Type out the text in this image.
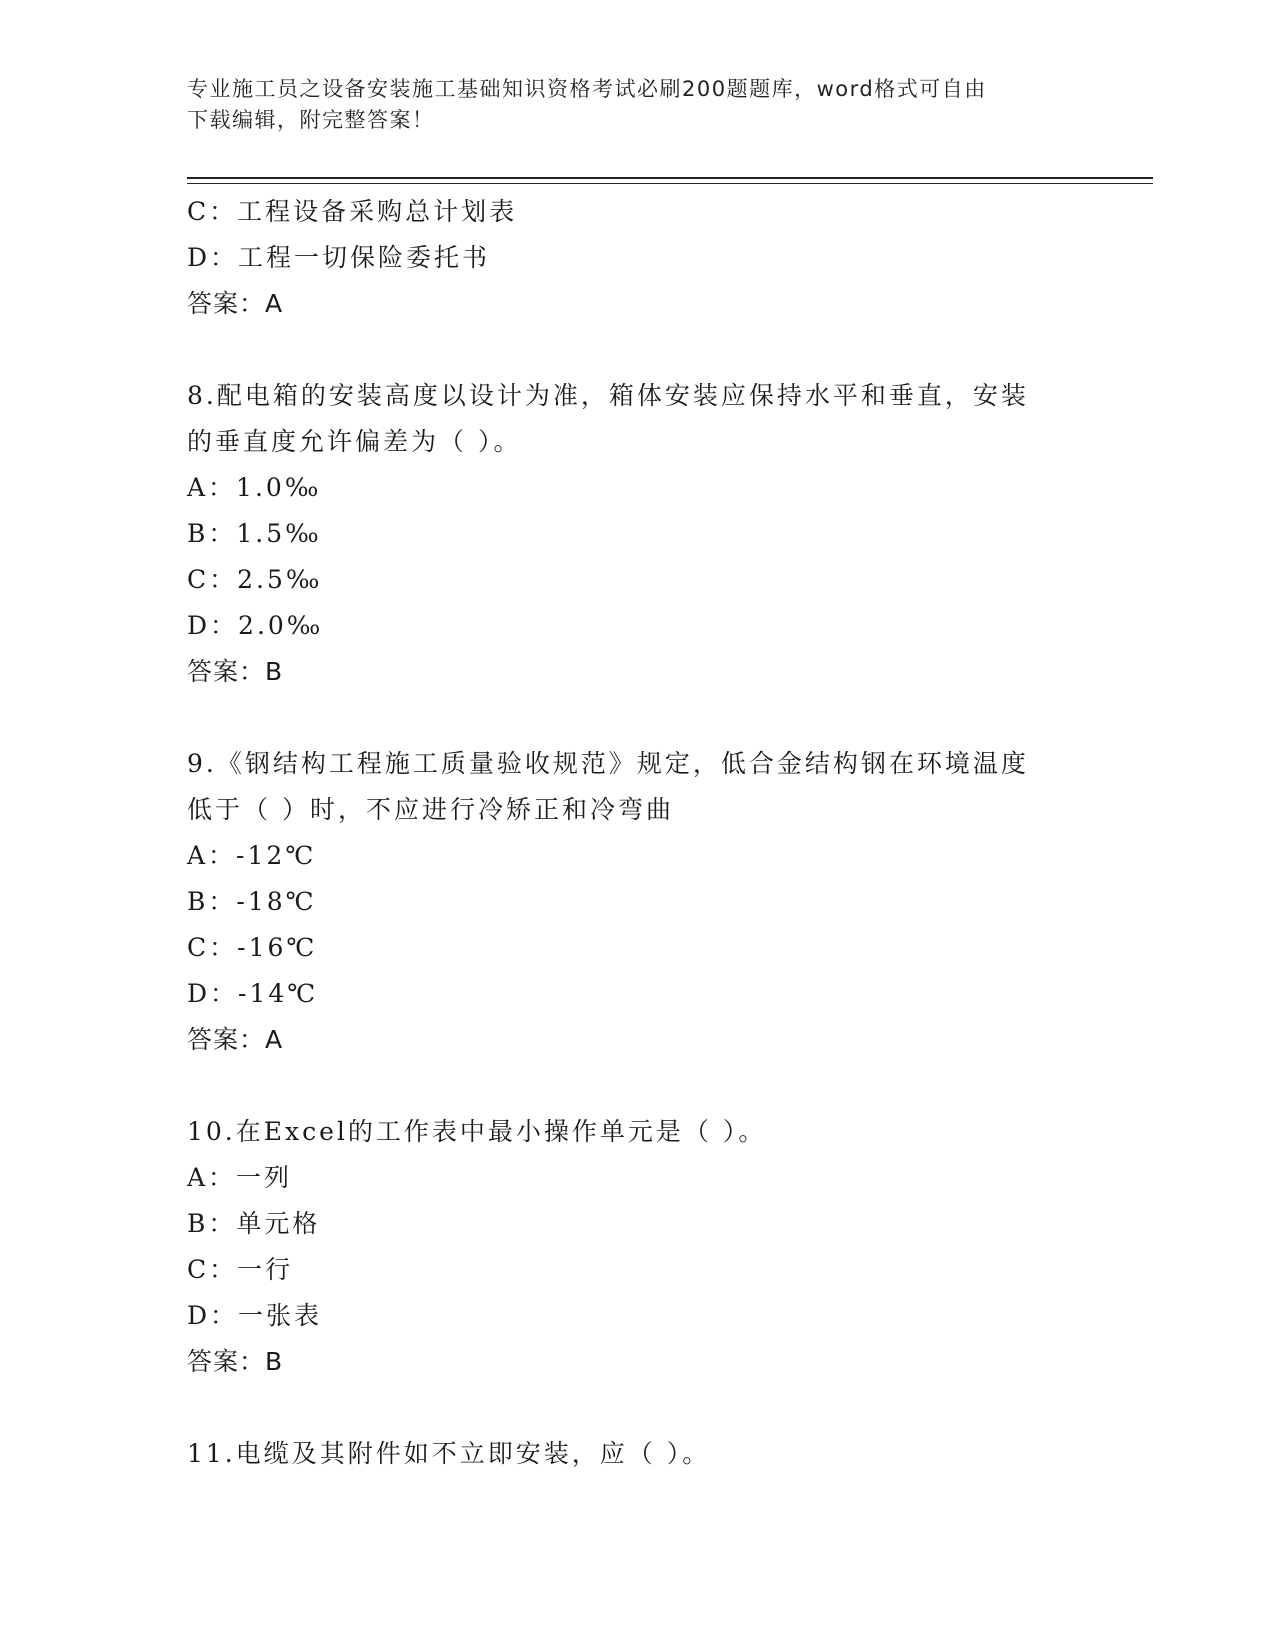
专业施工员之设备安装施工基础知识资格考试必刷200题题库，word格式可自由
下载编辑，附完整答案！
C：工程设备采购总计划表
D：工程一切保险委托书
答案：A
8.配电箱的安装高度以设计为准，箱体安装应保持水平和垂直，安装
的垂直度允许偏差为（ ）。
A：1.0‰
B：1.5‰
C：2.5‰
D：2.0‰
答案：B
9.《钢结构工程施工质量验收规范》规定，低合金结构钢在环境温度
低于（ ）时，不应进行冷矫正和冷弯曲
A：-12℃
B：-18℃
C：-16℃
D：-14℃
答案：A
10.在Excel的工作表中最小操作单元是（ ）。
A：一列
B：单元格
C：一行
D：一张表
答案：B
11.电缆及其附件如不立即安装，应（ ）。
